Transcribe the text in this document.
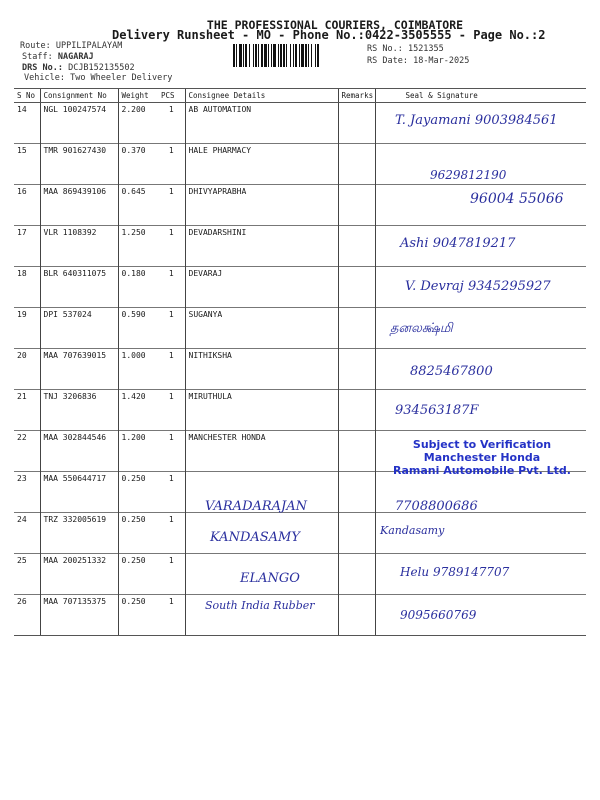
THE PROFESSIONAL COURIERS, COIMBATORE
Delivery Runsheet - MO - Phone No.:0422-3505555 - Page No.:2
Route: UPPILIPALAYAM
Staff: NAGARAJ
DRS No.: DCJB152135502
Vehicle: Two Wheeler Delivery
RS No.: 1521355
RS Date: 18-Mar-2025
S No	Consignment No	Weight	PCS	Consignee Details	Remarks	Seal & Signature
14	NGL 100247574	2.200	1	AB AUTOMATION		
15	TMR 901627430	0.370	1	HALE PHARMACY		
16	MAA 869439106	0.645	1	DHIVYAPRABHA		
17	VLR 1108392	1.250	1	DEVADARSHINI		
18	BLR 640311075	0.180	1	DEVARAJ		
19	DPI 537024	0.590	1	SUGANYA		
20	MAA 707639015	1.000	1	NITHIKSHA		
21	TNJ 3206836	1.420	1	MIRUTHULA		
22	MAA 302844546	1.200	1	MANCHESTER HONDA		
23	MAA 550644717	0.250	1			
24	TRZ 332005619	0.250	1			
25	MAA 200251332	0.250	1			
26	MAA 707135375	0.250	1			
Subject to Verification
Manchester Honda
Ramani Automobile Pvt. Ltd.
T. Jayamani 9003984561
9629812190
96004 55066
Ashi 9047819217
V. Devraj 9345295927
தனலக்ஷ்மி
8825467800
934563187F
7708800686
VARADARAJAN
Kandasamy
KANDASAMY
Helu 9789147707
ELANGO
9095660769
South India Rubber
